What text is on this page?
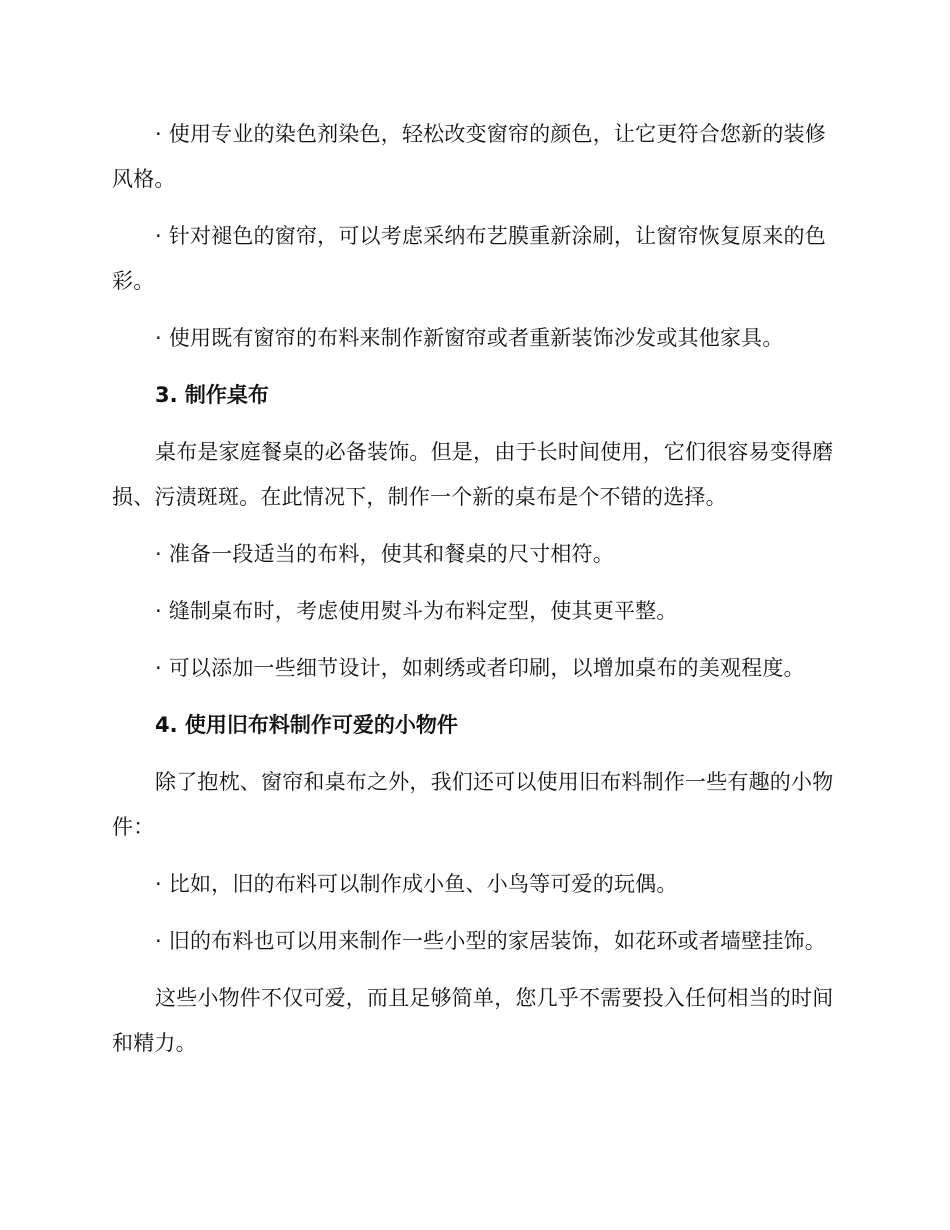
· 使用专业的染色剂染色，轻松改变窗帘的颜色，让它更符合您新的装修风格。

· 针对褪色的窗帘，可以考虑采纳布艺膜重新涂刷，让窗帘恢复原来的色彩。

· 使用既有窗帘的布料来制作新窗帘或者重新装饰沙发或其他家具。

3. 制作桌布

桌布是家庭餐桌的必备装饰。但是，由于长时间使用，它们很容易变得磨损、污渍斑斑。在此情况下，制作一个新的桌布是个不错的选择。

· 准备一段适当的布料，使其和餐桌的尺寸相符。

· 缝制桌布时，考虑使用熨斗为布料定型，使其更平整。

· 可以添加一些细节设计，如刺绣或者印刷，以增加桌布的美观程度。

4. 使用旧布料制作可爱的小物件

除了抱枕、窗帘和桌布之外，我们还可以使用旧布料制作一些有趣的小物件：

· 比如，旧的布料可以制作成小鱼、小鸟等可爱的玩偶。

· 旧的布料也可以用来制作一些小型的家居装饰，如花环或者墙壁挂饰。

这些小物件不仅可爱，而且足够简单，您几乎不需要投入任何相当的时间和精力。
